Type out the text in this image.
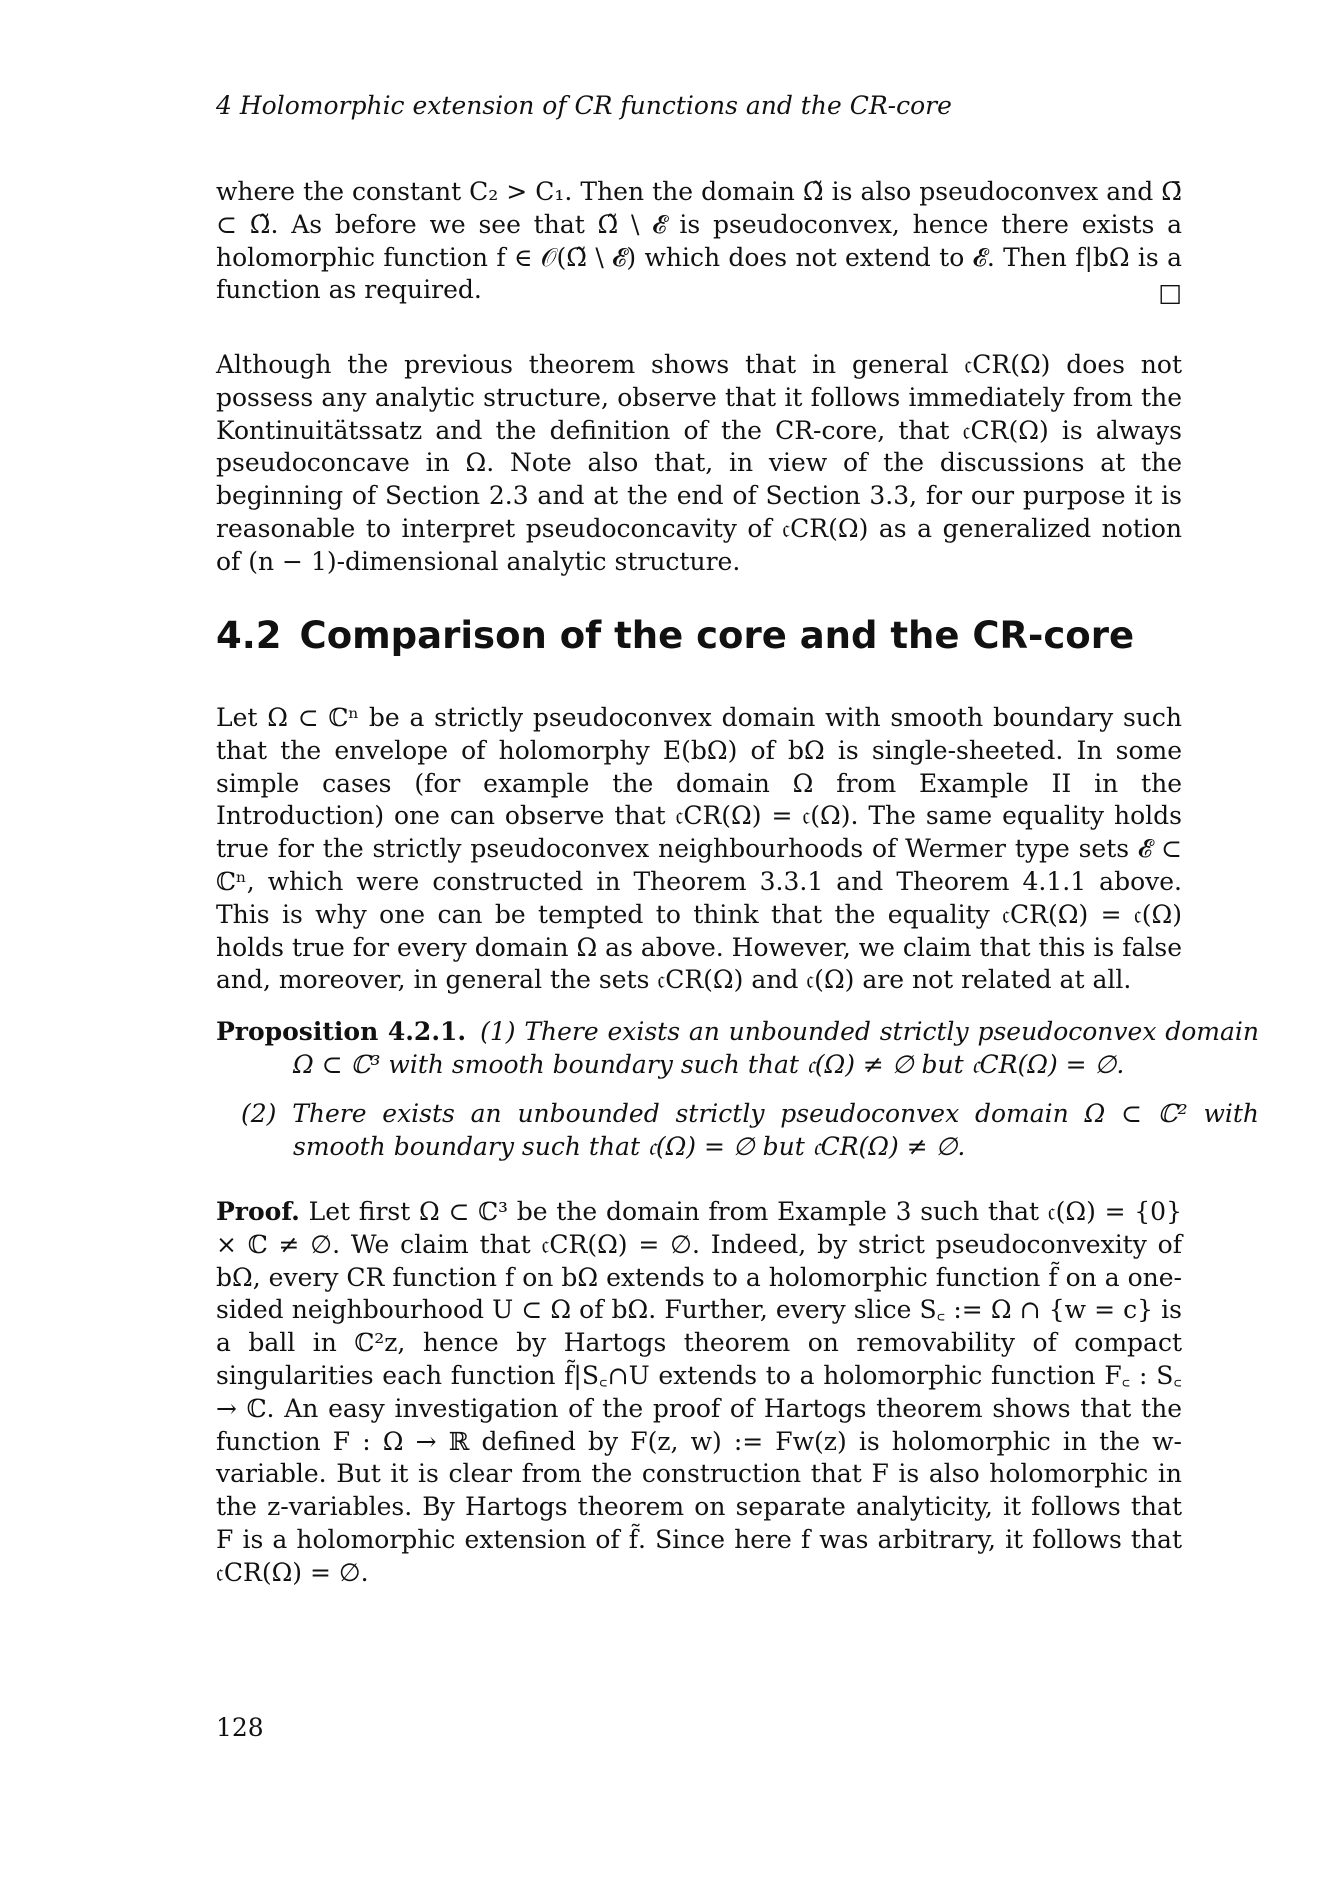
4 Holomorphic extension of CR functions and the CR-core

where the constant C₂ > C₁. Then the domain Ω̃ is also pseudoconvex and Ω̄ ⊂ Ω̃. As before we see that Ω̃ \ 𝓔 is pseudoconvex, hence there exists a holomorphic function f ∈ 𝒪(Ω̃ \ 𝓔) which does not extend to 𝓔. Then f|bΩ is a function as required.	□

Although the previous theorem shows that in general 𝔠CR(Ω) does not possess any analytic structure, observe that it follows immediately from the Kontinuitätssatz and the definition of the CR-core, that 𝔠CR(Ω) is always pseudoconcave in Ω. Note also that, in view of the discussions at the beginning of Section 2.3 and at the end of Section 3.3, for our purpose it is reasonable to interpret pseudoconcavity of 𝔠CR(Ω) as a generalized notion of (n − 1)-dimensional analytic structure.

4.2 Comparison of the core and the CR-core

Let Ω ⊂ ℂⁿ be a strictly pseudoconvex domain with smooth boundary such that the envelope of holomorphy E(bΩ) of bΩ is single-sheeted. In some simple cases (for example the domain Ω from Example II in the Introduction) one can observe that 𝔠CR(Ω) = 𝔠(Ω). The same equality holds true for the strictly pseudoconvex neighbourhoods of Wermer type sets 𝓔 ⊂ ℂⁿ, which were constructed in Theorem 3.3.1 and Theorem 4.1.1 above. This is why one can be tempted to think that the equality 𝔠CR(Ω) = 𝔠(Ω) holds true for every domain Ω as above. However, we claim that this is false and, moreover, in general the sets 𝔠CR(Ω) and 𝔠(Ω) are not related at all.

Proposition 4.2.1. (1) There exists an unbounded strictly pseudoconvex domain Ω ⊂ ℂ³ with smooth boundary such that 𝔠(Ω) ≠ ∅ but 𝔠CR(Ω) = ∅.

(2) There exists an unbounded strictly pseudoconvex domain Ω ⊂ ℂ² with smooth boundary such that 𝔠(Ω) = ∅ but 𝔠CR(Ω) ≠ ∅.

Proof. Let first Ω ⊂ ℂ³ be the domain from Example 3 such that 𝔠(Ω) = {0} × ℂ ≠ ∅. We claim that 𝔠CR(Ω) = ∅. Indeed, by strict pseudoconvexity of bΩ, every CR function f on bΩ extends to a holomorphic function f̃ on a one-sided neighbourhood U ⊂ Ω of bΩ. Further, every slice S꜀ := Ω ∩ {w = c} is a ball in ℂ²z, hence by Hartogs theorem on removability of compact singularities each function f̃|S꜀∩U extends to a holomorphic function F꜀ : S꜀ → ℂ. An easy investigation of the proof of Hartogs theorem shows that the function F : Ω → ℝ defined by F(z, w) := Fw(z) is holomorphic in the w-variable. But it is clear from the construction that F is also holomorphic in the z-variables. By Hartogs theorem on separate analyticity, it follows that F is a holomorphic extension of f̃. Since here f was arbitrary, it follows that 𝔠CR(Ω) = ∅.

128
